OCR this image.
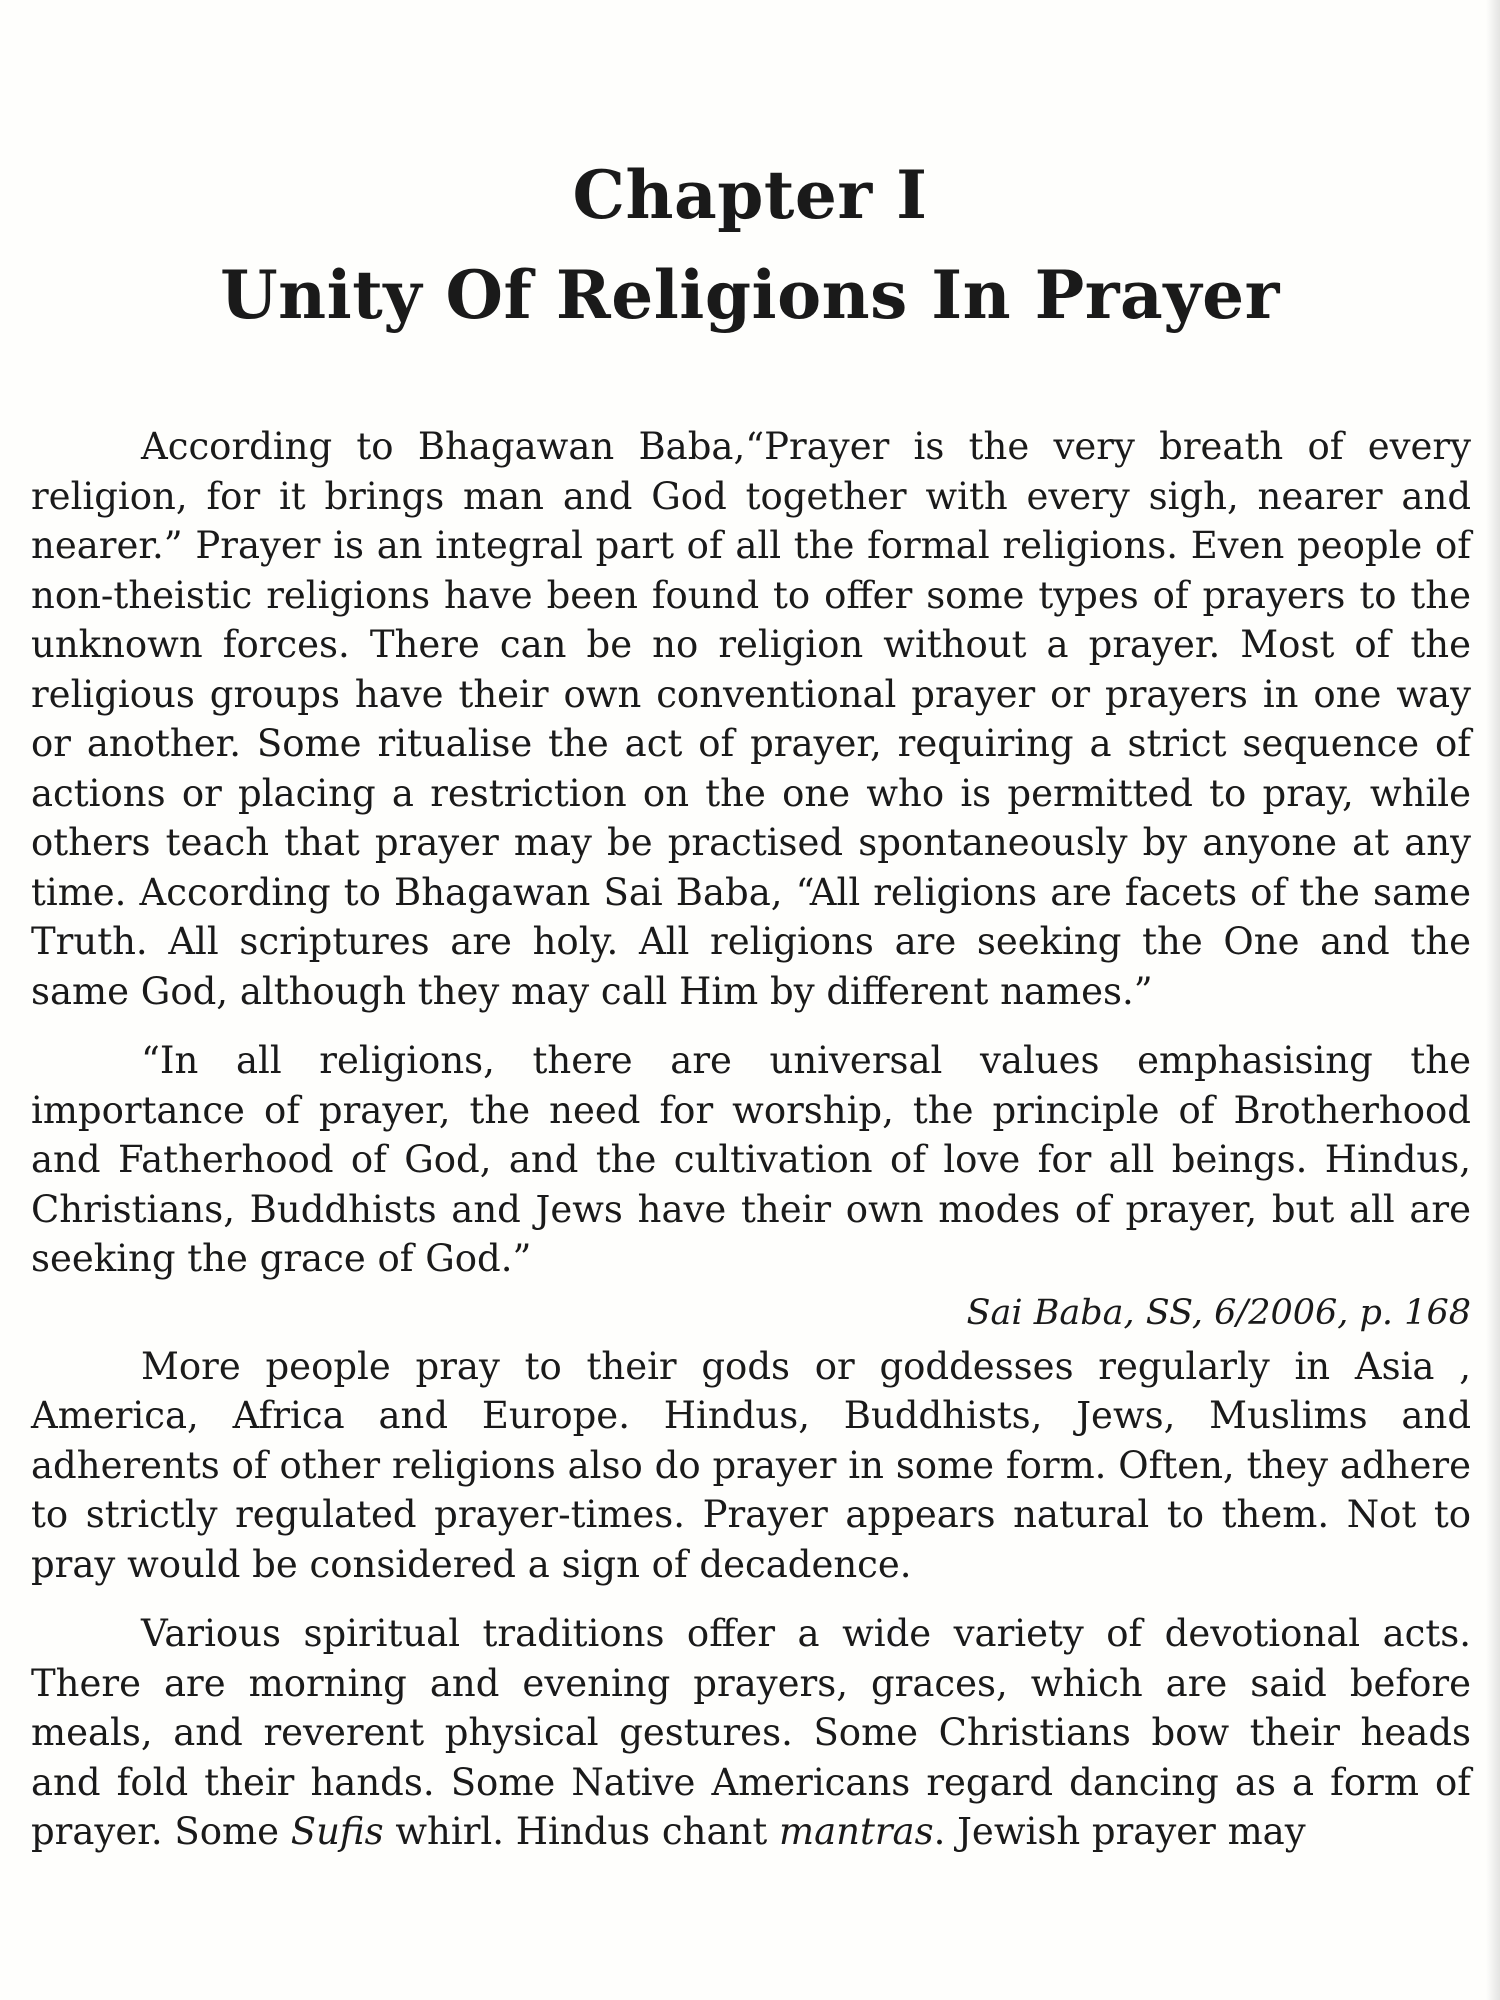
Chapter I
Unity Of Religions In Prayer

According to Bhagawan Baba,“Prayer is the very breath of every religion, for it brings man and God together with every sigh, nearer and nearer.” Prayer is an integral part of all the formal religions. Even people of non-theistic religions have been found to offer some types of prayers to the unknown forces. There can be no religion without a prayer. Most of the religious groups have their own conventional prayer or prayers in one way or another. Some ritualise the act of prayer, requiring a strict sequence of actions or placing a restriction on the one who is permitted to pray, while others teach that prayer may be practised spontaneously by anyone at any time. According to Bhagawan Sai Baba, “All religions are facets of the same Truth. All scriptures are holy. All religions are seeking the One and the same God, although they may call Him by different names.”

“In all religions, there are universal values emphasising the importance of prayer, the need for worship, the principle of Brotherhood and Fatherhood of God, and the cultivation of love for all beings. Hindus, Christians, Buddhists and Jews have their own modes of prayer, but all are seeking the grace of God.”

Sai Baba, SS, 6/2006, p. 168

More people pray to their gods or goddesses regularly in Asia , America, Africa and Europe. Hindus, Buddhists, Jews, Muslims and adherents of other religions also do prayer in some form. Often, they adhere to strictly regulated prayer-times. Prayer appears natural to them. Not to pray would be considered a sign of decadence.

Various spiritual traditions offer a wide variety of devotional acts. There are morning and evening prayers, graces, which are said before meals, and reverent physical gestures. Some Christians bow their heads and fold their hands. Some Native Americans regard dancing as a form of prayer. Some Sufis whirl. Hindus chant mantras. Jewish prayer may
